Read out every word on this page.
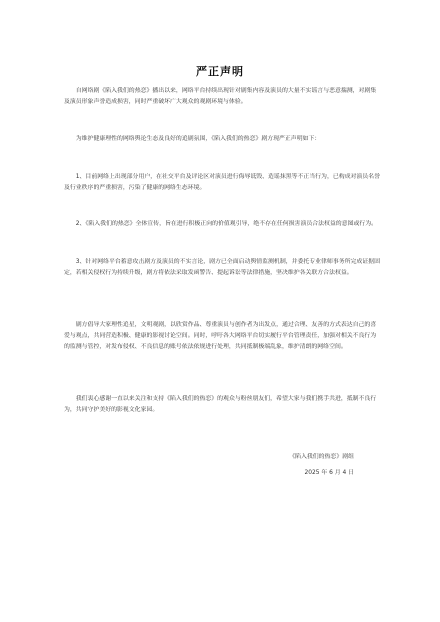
严正声明

自网络剧《陷入我们的热恋》播出以来，网络平台持续出现针对剧集内容及演员的大量不实谣言与恶意揣测，对剧集及演员形象声誉造成损害，同时严重破坏广大观众的观剧环境与体验。

为维护健康理性的网络舆论生态及良好的追剧氛围，《陷入我们的热恋》剧方现严正声明如下：

1、目前网络上出现部分用户，在社交平台及评论区对演员进行侮辱诋毁、造谣抹黑等不正当行为，已构成对演员名誉及行业秩序的严重损害，污染了健康的网络生态环境。

2、《陷入我们的热恋》全体宣传，旨在进行积极正向的价值观引导，绝不存在任何损害演员合法权益的意图或行为。

3、针对网络平台蓄意攻击剧方及演员的不实言论，剧方已全面启动舆情监测机制，并委托专业律师事务所完成证据固定，若相关侵权行为持续升级，剧方将依法采取发函警告、提起诉讼等法律措施，坚决维护各关联方合法权益。

剧方倡导大家理性追星，文明观剧，以欣赏作品、尊重演员与创作者为出发点，通过合理、友善的方式表达自己的喜爱与观点，共同营造积极、健康的影视讨论空间。同时，呼吁各大网络平台切实履行平台管理责任，加强对相关不良行为的监测与管控，对发布侵权、不良信息的账号依法依规进行处理，共同抵制极端乱象，维护清朗的网络空间。

我们衷心感谢一直以来关注和支持《陷入我们的热恋》的观众与粉丝朋友们，希望大家与我们携手共进，抵制不良行为，共同守护美好的影视文化家园。

《陷入我们的热恋》剧组
2025 年 6 月 4 日
